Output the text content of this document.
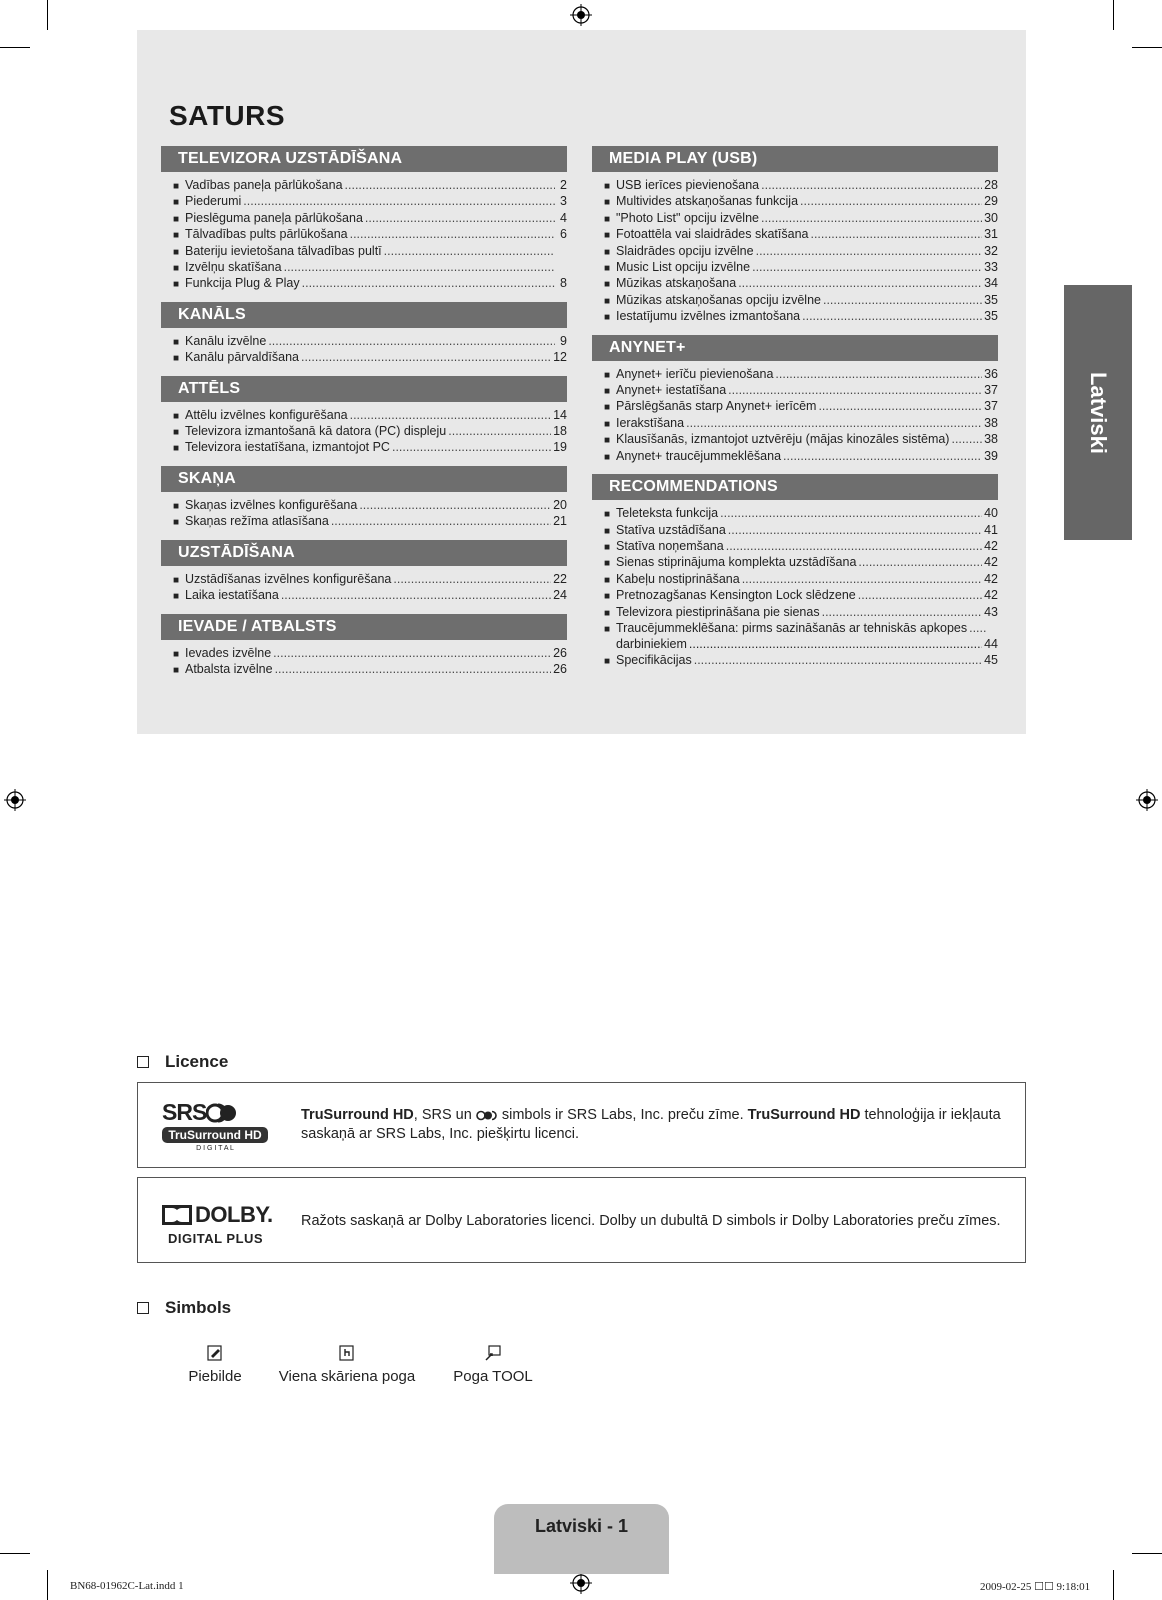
SATURS
TELEVIZORA UZSTĀDĪŠANA
■ Vadības paneļa pārlūkošana .....	2
■ Piederumi .....	3
■ Pieslēguma paneļa pārlūkošana .....	4
■ Tālvadības pults pārlūkošana .....	6
■ Bateriju ievietošana tālvadības pultī
.....
■ Izvēlņu skatīšana
.....
■ Funkcija Plug & Play .....	8
KANĀLS
■ Kanālu izvēlne .....	9
■ Kanālu pārvaldīšana .....	12
ATTĒLS
■ Attēlu izvēlnes konfigurēšana .....	14
■ Televizora izmantošanā kā datora (PC) displeju .....	18
■ Televizora iestatīšana, izmantojot PC .....	19
SKAŅA
■ Skaņas izvēlnes konfigurēšana .....	20
■ Skaņas režīma atlasīšana .....	21
UZSTĀDĪŠANA
■ Uzstādīšanas izvēlnes konfigurēšana .....	22
■ Laika iestatīšana .....	24
IEVADE / ATBALSTS
■ Ievades izvēlne .....	26
■ Atbalsta izvēlne .....	26
MEDIA PLAY (USB)
■ USB ierīces pievienošana .....	28
■ Multivides atskaņošanas funkcija .....	29
■ "Photo List" opciju izvēlne .....	30
■ Fotoattēla vai slaidrādes skatīšana .....	31
■ Slaidrādes opciju izvēlne .....	32
■ Music List opciju izvēlne .....	33
■ Mūzikas atskaņošana .....	34
■ Mūzikas atskaņošanas opciju izvēlne .....	35
■ Iestatījumu izvēlnes izmantošana .....	35
ANYNET+
■ Anynet+ ierīču pievienošana .....	36
■ Anynet+ iestatīšana .....	37
■ Pārslēgšanās starp Anynet+ ierīcēm .....	37
■ Ierakstīšana .....	38
■ Klausīšanās, izmantojot uztvērēju (mājas kinozāles sistēma) .....	38
■ Anynet+ traucējummeklēšana .....	39
RECOMMENDATIONS
■ Teleteksta funkcija .....	40
■ Statīva uzstādīšana .....	41
■ Statīva noņemšana .....	42
■ Sienas stiprinājuma komplekta uzstādīšana .....	42
■ Kabeļu nostiprināšana .....	42
■ Pretnozagšanas Kensington Lock slēdzene .....	42
■ Televizora piestiprināšana pie sienas .....	43
■ Traucējummeklēšana: pirms sazināšanās ar tehniskās apkopes
.....
darbiniekiem .....	44
■ Specifikācijas .....	45
Latviski
Licence
SRS
TruSurround HD
D I G I T A L
TruSurround HD, SRS un  simbols ir SRS Labs, Inc. preču zīme. TruSurround HD tehnoloģija ir iekļauta saskaņā ar SRS Labs, Inc. piešķirtu licenci.
DOLBY.
DIGITAL PLUS
Ražots saskaņā ar Dolby Laboratories licenci. Dolby un dubultā D simbols ir Dolby Laboratories preču zīmes.
Simbols
Piebilde	Viena skāriena poga	Poga TOOL
Latviski - 1
BN68-01962C-Lat.indd 1	2009-02-25 ☐☐ 9:18:01
